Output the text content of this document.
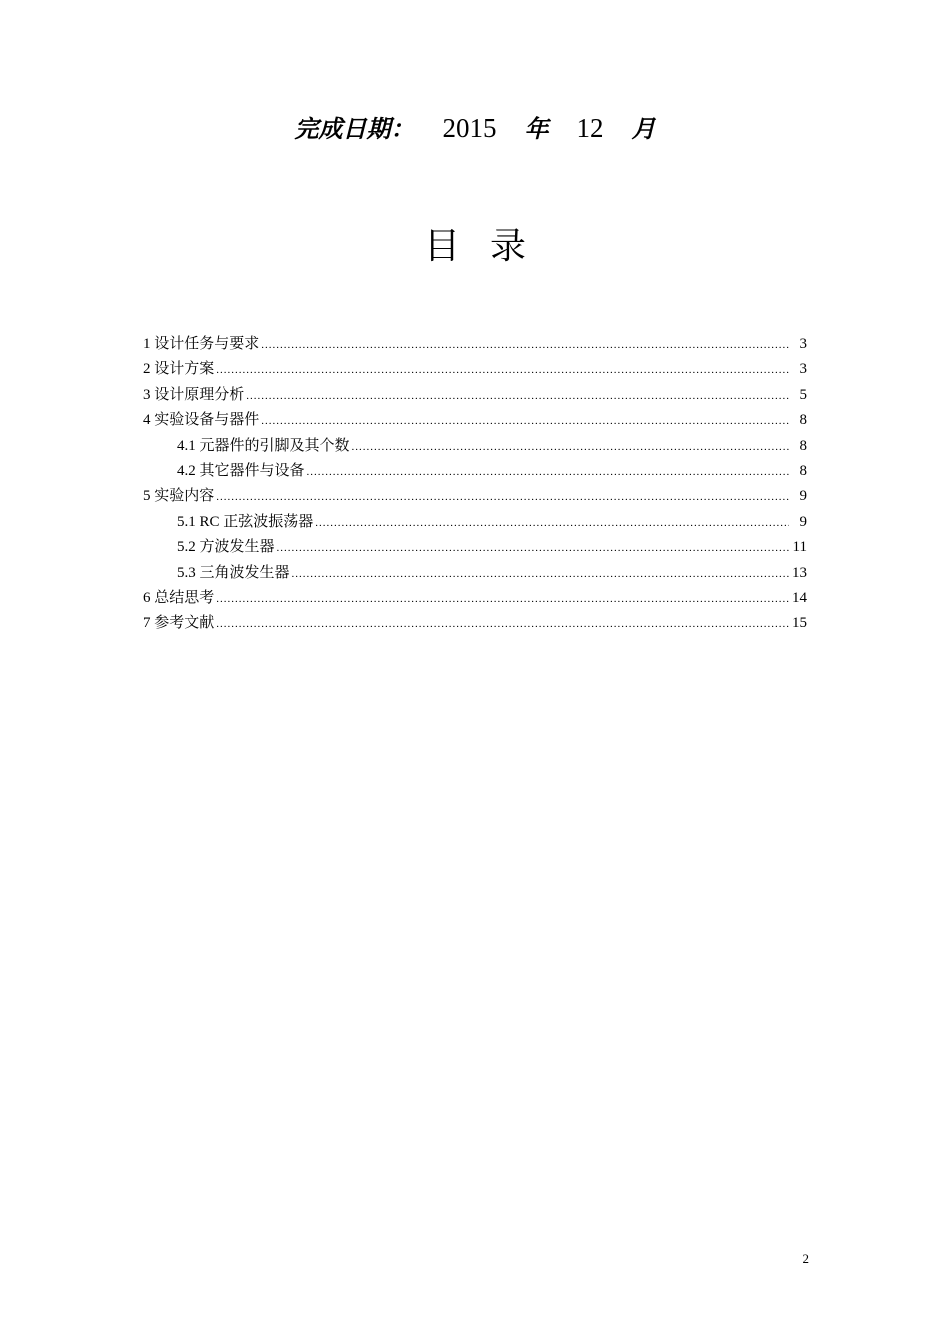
完成日期： 2015 年 12 月
目录
1 设计任务与要求 .....	3
2 设计方案 .....	3
3 设计原理分析 .....	5
4 实验设备与器件 .....	8
4.1 元器件的引脚及其个数 .....	8
4.2 其它器件与设备 .....	8
5 实验内容 .....	9
5.1 RC 正弦波振荡器 .....	9
5.2 方波发生器 .....	11
5.3 三角波发生器 .....	13
6 总结思考 .....	14
7 参考文献 .....	15
2
